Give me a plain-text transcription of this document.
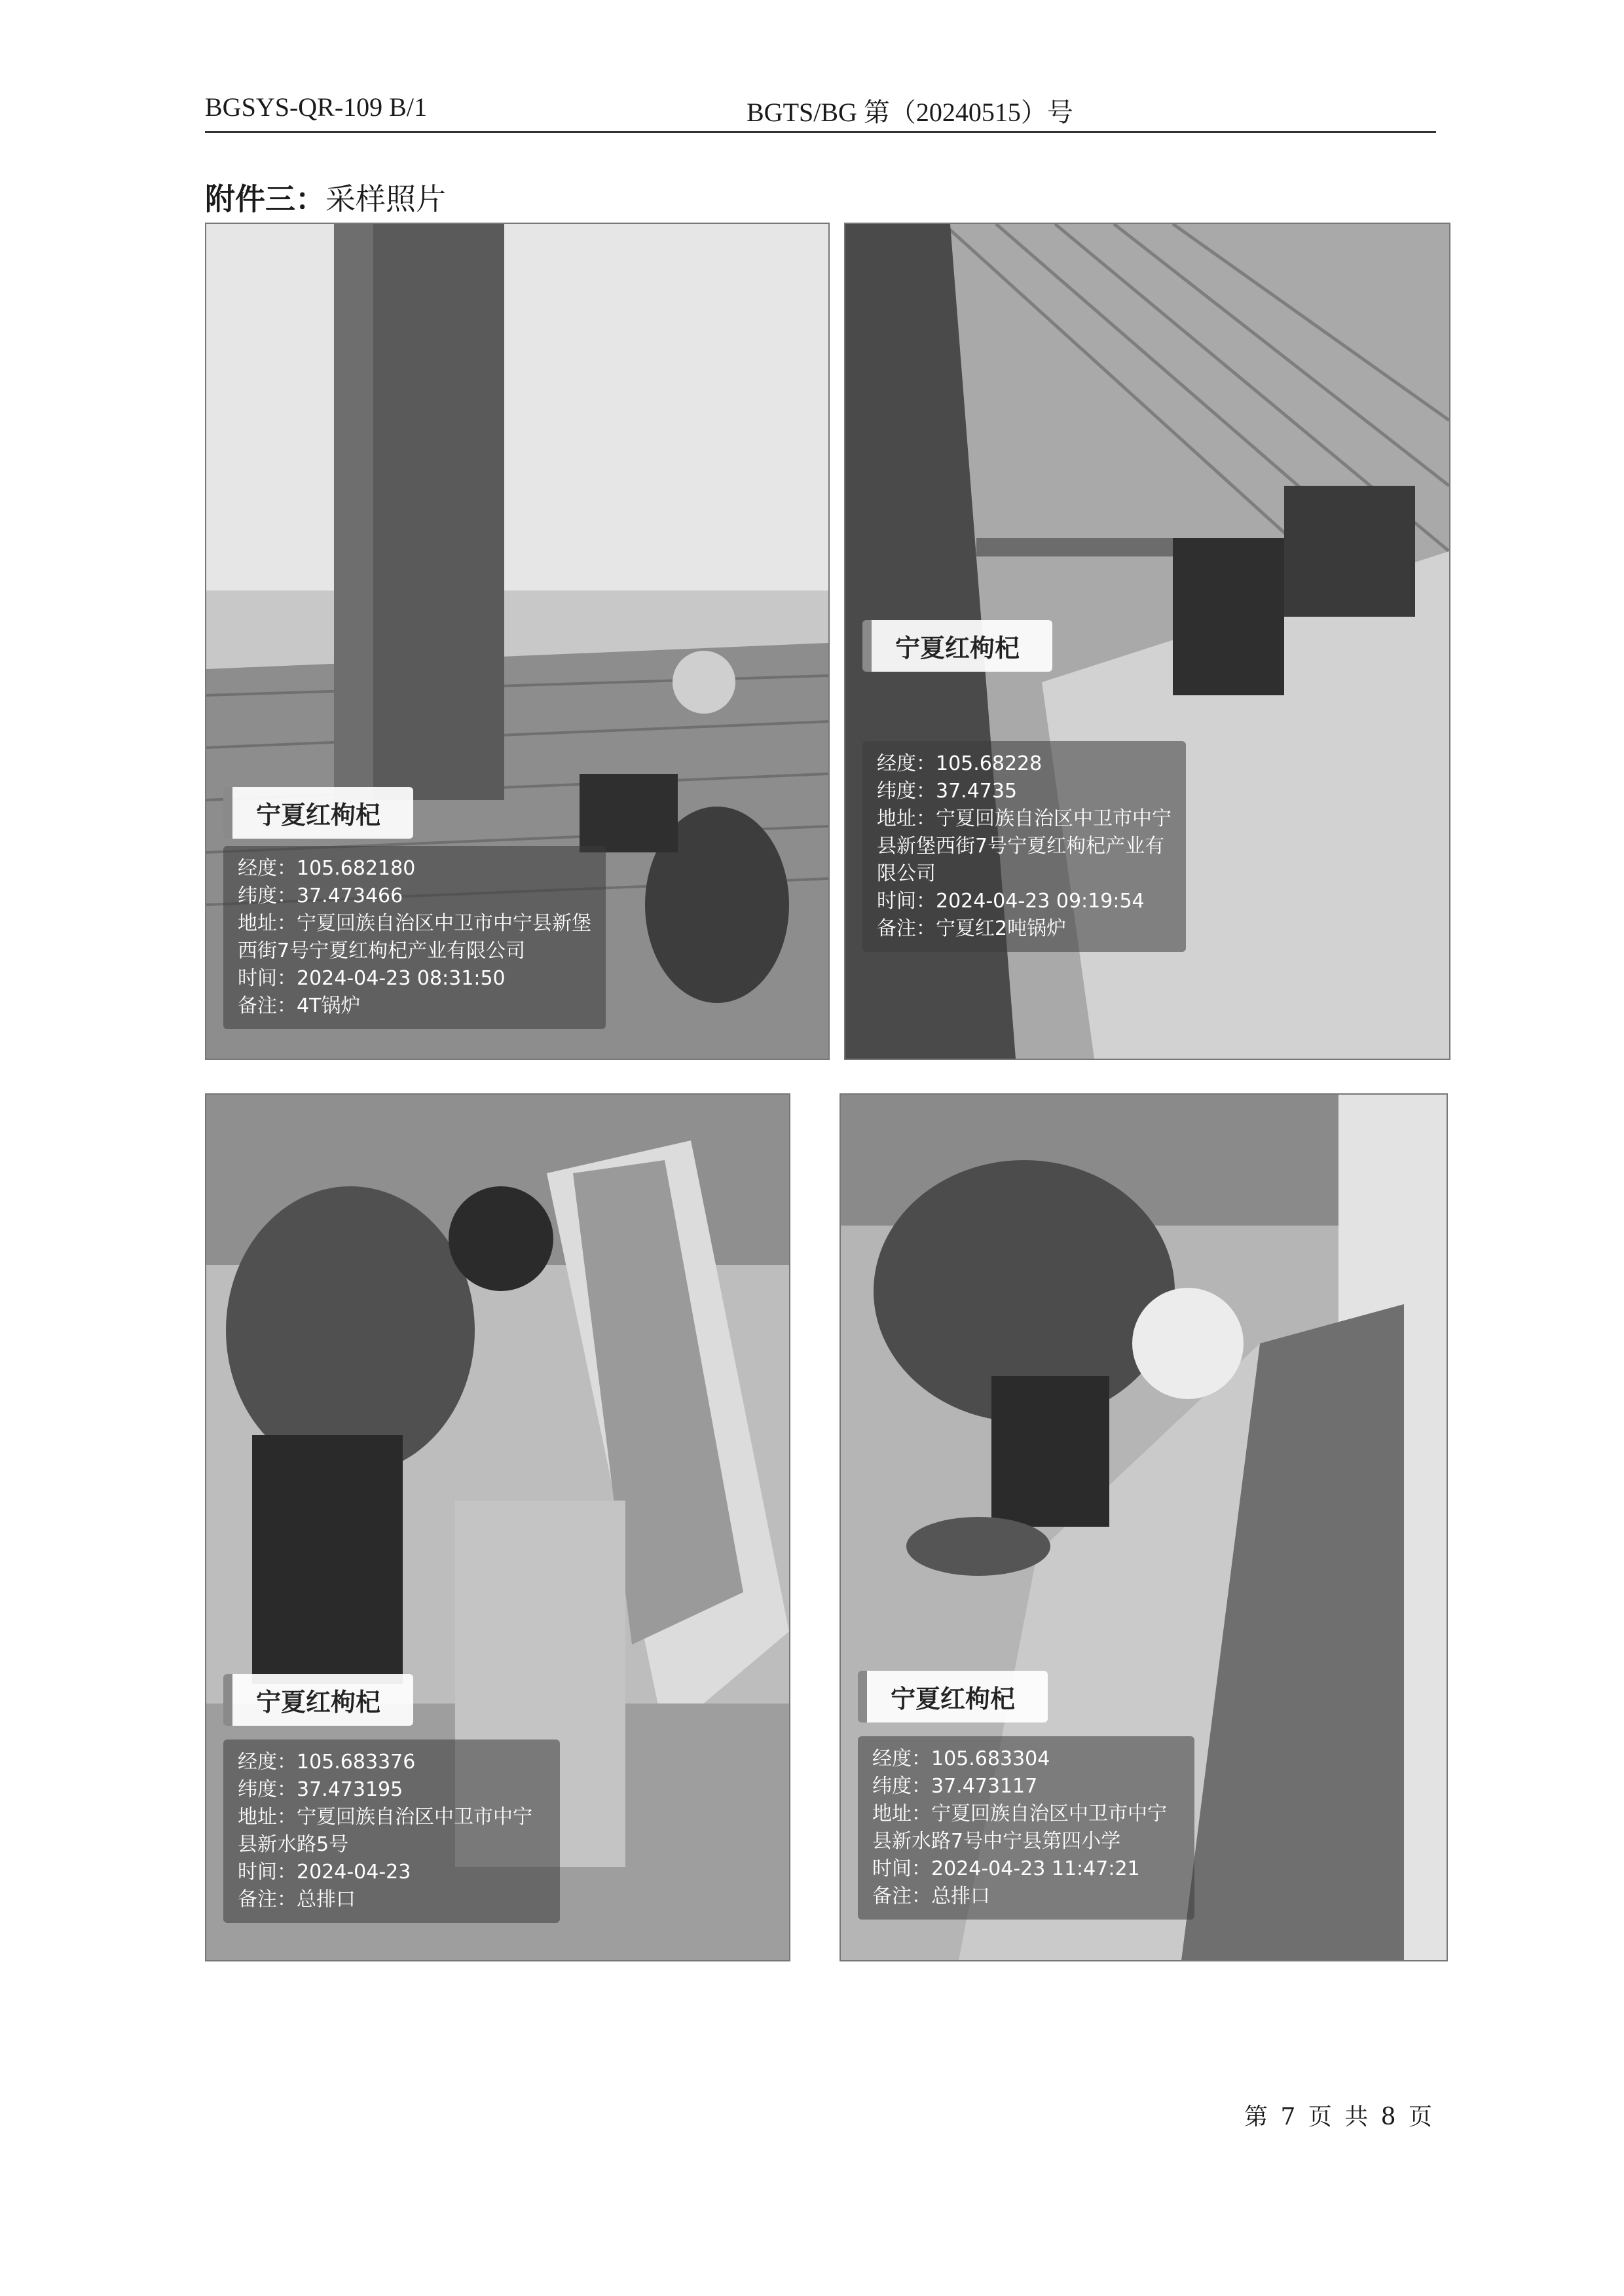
BGSYS-QR-109 B/1	BGTS/BG 第（20240515）号
附件三：采样照片
宁夏红枸杞
经度：105.682180
纬度：37.473466
地址：宁夏回族自治区中卫市中宁县新堡西街7号宁夏红枸杞产业有限公司
时间：2024-04-23 08:31:50
备注：4T锅炉
宁夏红枸杞
经度：105.68228
纬度：37.4735
地址：宁夏回族自治区中卫市中宁县新堡西街7号宁夏红枸杞产业有限公司
时间：2024-04-23 09:19:54
备注：宁夏红2吨锅炉
宁夏红枸杞
经度：105.683376
纬度：37.473195
地址：宁夏回族自治区中卫市中宁县新水路5号
时间：2024-04-23
备注：总排口
宁夏红枸杞
经度：105.683304
纬度：37.473117
地址：宁夏回族自治区中卫市中宁县新水路7号中宁县第四小学
时间：2024-04-23 11:47:21
备注：总排口
第 7 页 共 8 页
